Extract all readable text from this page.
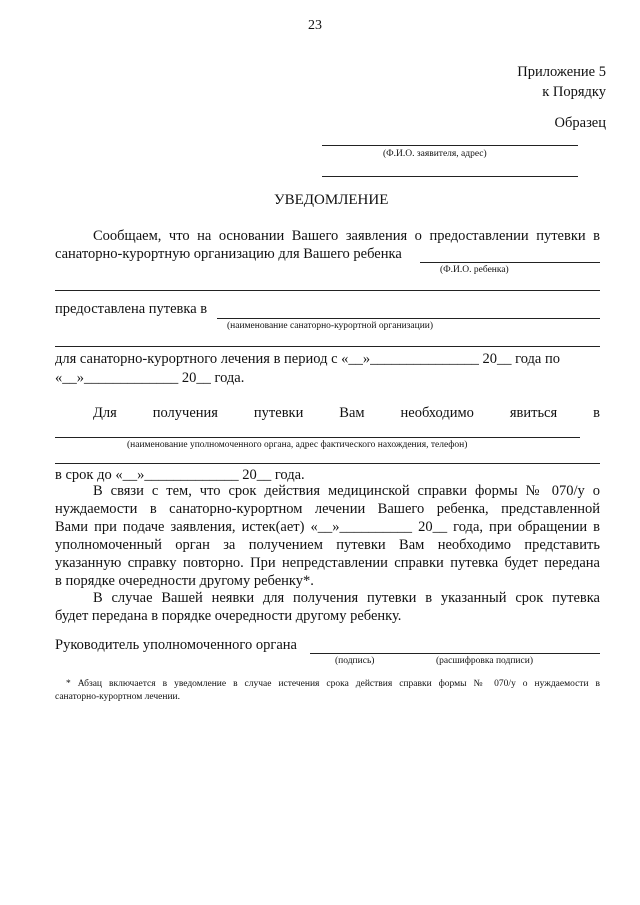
23
Приложение 5
к Порядку
Образец
(Ф.И.О. заявителя, адрес)
УВЕДОМЛЕНИЕ
Сообщаем, что на основании Вашего заявления о предоставлении путевки в
санаторно-курортную организацию для Вашего ребенка
(Ф.И.О. ребенка)
предоставлена путевка в
(наименование санаторно-курортной организации)
для санаторно-курортного лечения в период с «__»_______________ 20__ года по
«__»_____________ 20__ года.
Для получения путевки Вам необходимо явиться в
(наименование уполномоченного органа, адрес фактического нахождения, телефон)
в срок до «__»_____________ 20__ года.
В связи с тем, что срок действия медицинской справки формы № 070/у о
нуждаемости в санаторно-курортном лечении Вашего ребенка, представленной
Вами при подаче заявления, истек(ает) «__»__________ 20__ года, при обращении в
уполномоченный орган за получением путевки Вам необходимо представить
указанную справку повторно. При непредставлении справки путевка будет передана
в порядке очередности другому ребенку*.
В случае Вашей неявки для получения путевки в указанный срок путевка
будет передана в порядке очередности другому ребенку.
Руководитель уполномоченного органа
(подпись)	(расшифровка подписи)
* Абзац включается в уведомление в случае истечения срока действия справки формы № 070/у о нуждаемости в
санаторно-курортном лечении.
